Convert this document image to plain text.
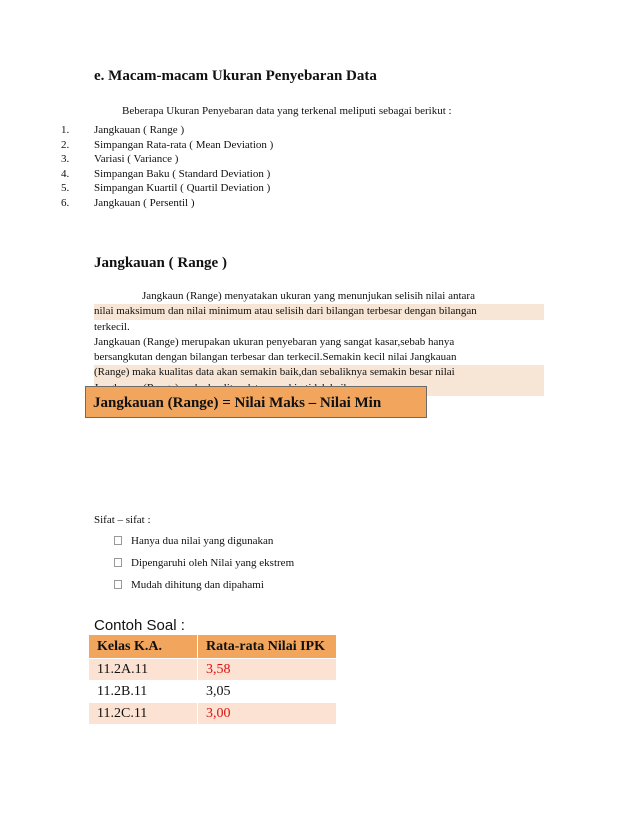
e. Macam-macam Ukuran Penyebaran Data
Beberapa Ukuran Penyebaran data yang terkenal meliputi sebagai berikut :
1.	Jangkauan ( Range )
2.	Simpangan Rata-rata ( Mean Deviation )
3.	Variasi ( Variance )
4.	Simpangan Baku ( Standard Deviation )
5.	Simpangan Kuartil ( Quartil Deviation )
6.	Jangkauan ( Persentil )
Jangkauan ( Range )
Jangkaun (Range) menyatakan ukuran yang menunjukan selisih nilai antara
nilai maksimum dan nilai minimum atau selisih dari bilangan terbesar dengan bilangan
terkecil.
Jangkauan (Range) merupakan ukuran penyebaran yang sangat kasar,sebab hanya
bersangkutan dengan bilangan terbesar dan terkecil.Semakin kecil nilai Jangkauan
(Range) maka kualitas data akan semakin baik,dan sebaliknya semakin besar nilai
Jangkauan (Range) = Nilai Maks – Nilai Min
Sifat – sifat :
Hanya dua nilai yang digunakan
Dipengaruhi oleh Nilai yang ekstrem
Mudah dihitung dan dipahami
Contoh Soal :
Kelas K.A.	Rata-rata Nilai IPK
11.2A.11	3,58
11.2B.11	3,05
11.2C.11	3,00
